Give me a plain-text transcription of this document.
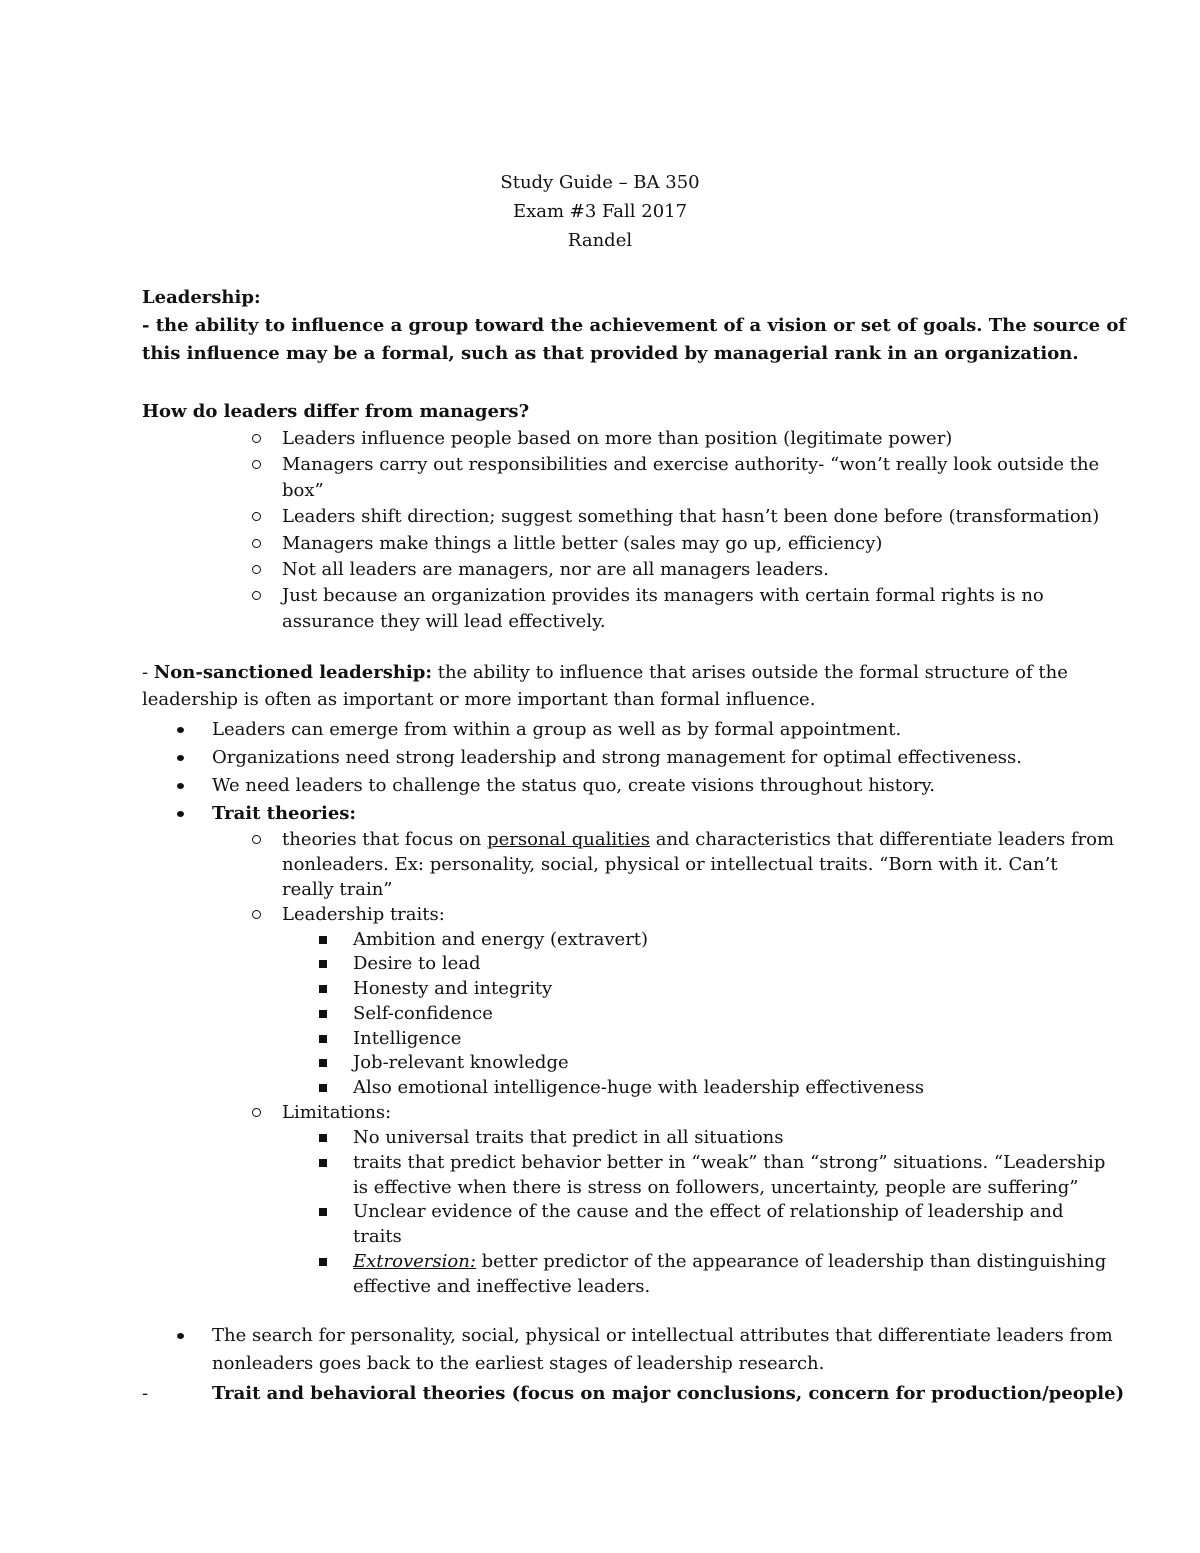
Study Guide – BA 350
Exam #3 Fall 2017
Randel
Leadership:
- the ability to influence a group toward the achievement of a vision or set of goals. The source of
this influence may be a formal, such as that provided by managerial rank in an organization.
How do leaders differ from managers?
Leaders influence people based on more than position (legitimate power)
Managers carry out responsibilities and exercise authority- “won’t really look outside the
box”
Leaders shift direction; suggest something that hasn’t been done before (transformation)
Managers make things a little better (sales may go up, efficiency)
Not all leaders are managers, nor are all managers leaders.
Just because an organization provides its managers with certain formal rights is no
assurance they will lead effectively.
- Non-sanctioned leadership: the ability to influence that arises outside the formal structure of the
leadership is often as important or more important than formal influence.
Leaders can emerge from within a group as well as by formal appointment.
Organizations need strong leadership and strong management for optimal effectiveness.
We need leaders to challenge the status quo, create visions throughout history.
Trait theories:
theories that focus on personal qualities and characteristics that differentiate leaders from
nonleaders. Ex: personality, social, physical or intellectual traits. “Born with it. Can’t
really train”
Leadership traits:
Ambition and energy (extravert)
Desire to lead
Honesty and integrity
Self-confidence
Intelligence
Job-relevant knowledge
Also emotional intelligence-huge with leadership effectiveness
Limitations:
No universal traits that predict in all situations
traits that predict behavior better in “weak” than “strong” situations. “Leadership
is effective when there is stress on followers, uncertainty, people are suffering”
Unclear evidence of the cause and the effect of relationship of leadership and
traits
Extroversion: better predictor of the appearance of leadership than distinguishing
effective and ineffective leaders.
The search for personality, social, physical or intellectual attributes that differentiate leaders from
nonleaders goes back to the earliest stages of leadership research.
-	Trait and behavioral theories (focus on major conclusions, concern for production/people)
